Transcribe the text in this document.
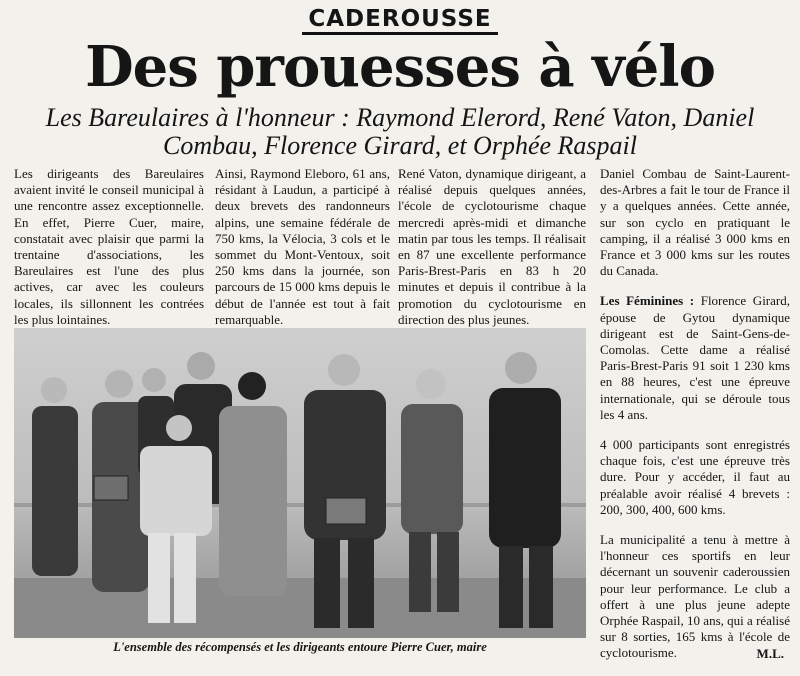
CADEROUSSE
Des prouesses à vélo
Les Bareulaires à l'honneur : Raymond Elerord, René Vaton, Daniel Combau, Florence Girard, et Orphée Raspail

Les dirigeants des Bareulaires avaient invité le conseil municipal à une rencontre assez exceptionnelle. En effet, Pierre Cuer, maire, constatait avec plaisir que parmi la trentaine d'associations, les Bareulaires est l'une des plus actives, car avec les couleurs locales, ils sillonnent les contrées les plus lointaines.

Ainsi, Raymond Eleboro, 61 ans, résidant à Laudun, a participé à deux brevets des randonneurs alpins, une semaine fédérale de 750 kms, la Vélocia, 3 cols et le sommet du Mont-Ventoux, soit 250 kms dans la journée, son parcours de 15 000 kms depuis le début de l'année est tout à fait remarquable.

René Vaton, dynamique dirigeant, a réalisé depuis quelques années, l'école de cyclotourisme chaque mercredi après-midi et dimanche matin par tous les temps. Il réalisait en 87 une excellente performance Paris-Brest-Paris en 83 h 20 minutes et depuis il contribue à la promotion du cyclotourisme en direction des plus jeunes.

Daniel Combau de Saint-Laurent-des-Arbres a fait le tour de France il y a quelques années. Cette année, sur son cyclo en pratiquant le camping, il a réalisé 3 000 kms en France et 3 000 kms sur les routes du Canada.

Les Féminines : Florence Girard, épouse de Gytou dynamique dirigeant est de Saint-Gens-de-Comolas. Cette dame a réalisé Paris-Brest-Paris 91 soit 1 230 kms en 88 heures, c'est une épreuve internationale, qui se déroule tous les 4 ans.

4 000 participants sont enregistrés chaque fois, c'est une épreuve très dure. Pour y accéder, il faut au préalable avoir réalisé 4 brevets : 200, 300, 400, 600 kms.

La municipalité a tenu à mettre à l'honneur ces sportifs en leur décernant un souvenir caderoussien pour leur performance. Le club a offert à une plus jeune adepte Orphée Raspail, 10 ans, qui a réalisé sur 8 sorties, 165 kms à l'école de cyclotourisme.

L'ensemble des récompensés et les dirigeants entoure Pierre Cuer, maire	M.L.
